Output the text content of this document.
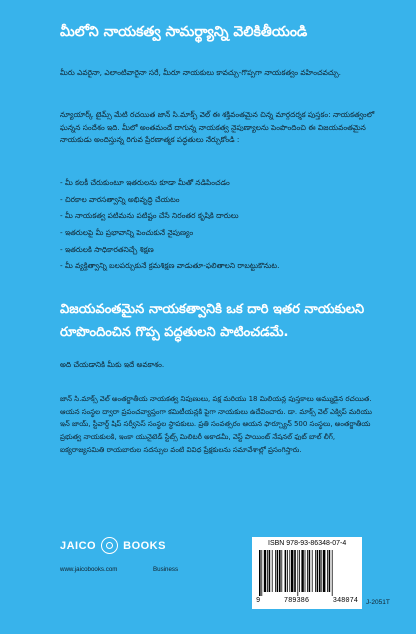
మీలోని నాయకత్వ సామర్థ్యాన్ని వెలికితీయండి
మీరు ఎవరైనా, ఎలాంటివారైనా సరే, మీరూ నాయకులు కావచ్చు-గొప్పగా నాయకత్వం వహించవచ్చు.
న్యూయార్క్ టైమ్స్ మేటి రచయిత జాన్ సి.మాక్స్ వెల్ ఈ శక్తివంతమైన చిన్న మార్గదర్శక పుస్తకం: నాయకత్వంలో ఘన్నన సందేశం ఇది. మీలో అంతమందే దాగున్న నాయకత్వ నైపుణ్యాలను పెంపొందించి ఈ విజయవంతమైన నాయకుడు అందిస్తున్న రిగువ ప్రేరణాత్మక పద్ధతులు నేర్చుకోండి :
- మీ కలకీ చేరుకుంటూ ఇతరులను కూడా మీతో నడిపించడం
- చిరకాల వారసత్వాన్ని అభివృద్ధి చేయటం
- మీ నాయకత్వ పటిమను పటిష్టం చేసే నిరంతర కృషికి దారులు
- ఇతరులపై మీ ప్రభావాన్ని పెంచుకునే నైపుణ్యం
- ఇతరులకి సాధికారతనిచ్చే శిక్షణ
- మీ వ్యక్తిత్వాన్ని బలపర్చుకునే క్రమశిక్షణ వాడుతూ-ఫలితాలని రాబట్టుకొనుట.
విజయవంతమైన నాయకత్వానికి ఒక దారి ఇతర నాయకులని రూపొందించిన గొప్ప పద్ధతులని పాటించడమే.
అది చేయడానికి మీకు ఇదే అవకాశం.
జాన్ సి.మాక్స్ వెల్ అంతర్జాతీయ నాయకత్వ నిపుణులు, పక్ష మరియు 18 మిలియన్ల పుస్తకాలు అమ్ముడైన రచయిత. ఆయన సంస్థల ద్వారా ప్రపంచవ్యాప్తంగా కమిటీయన్లకి పైగా నాయకులు ఉదేవించారు. డా. మాక్స్ వెల్ ఎక్విప్ మరియు ఇన్ జాయ్, స్టీవార్డ్ షిప్ సర్వీసెస్ సంస్థల స్థాపకులు. ప్రతి సంవత్సరం ఆయన ఫార్చ్యూన్ 500 సంస్థలు, అంతర్జాతీయ ప్రభుత్వ నాయకులకి, ఇంకా యునైటెడ్ స్టేట్స్ మిలిటరీ అకాడమీ, వెస్ట్ పాయింట్ నేషనల్ ఫుట్ బాల్ లీగ్, ఐక్యరాజ్యసమితి రాయబారుల సదస్సుల వంటి వివిధ ప్రేక్షకులను సమావేశాల్లో ప్రసంగిస్తారు.
JAICO BOOKS
www.jaicobooks.com	Business
ISBN 978-93-86348-07-4
9	789386	348074 J-2051T
